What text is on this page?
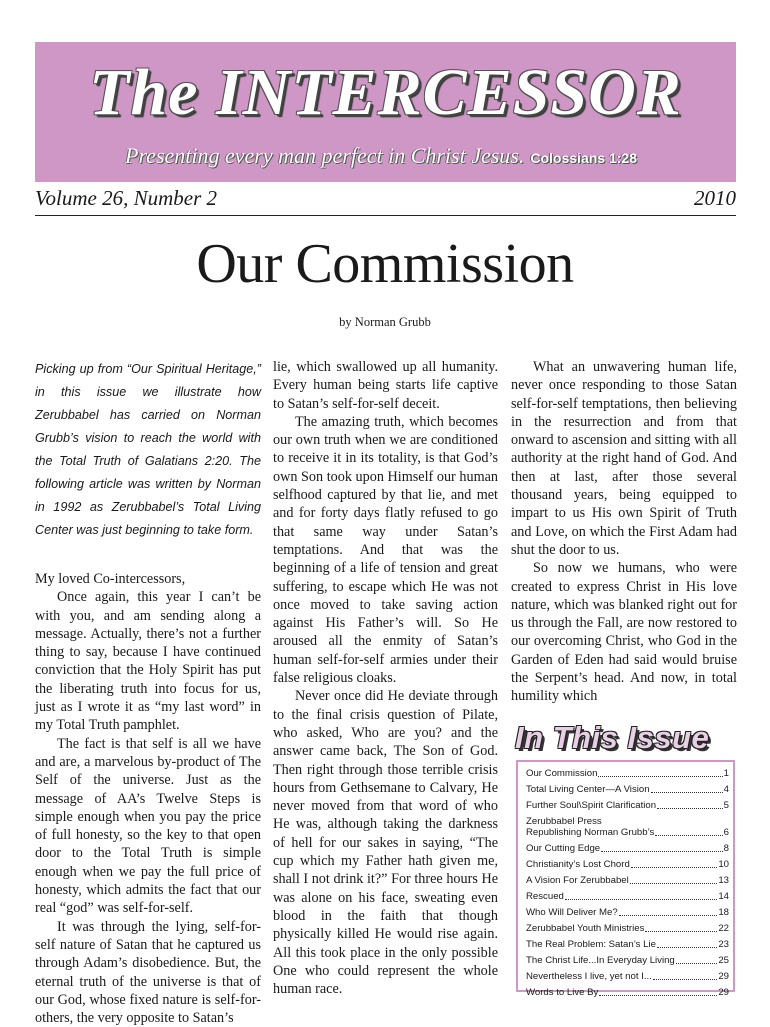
The INTERCESSOR
Presenting every man perfect in Christ Jesus. Colossians 1:28
Volume 26, Number 2	2010
Our Commission
by Norman Grubb

Picking up from “Our Spiritual Heritage,” in this issue we illustrate how Zerubbabel has carried on Norman Grubb’s vision to reach the world with the Total Truth of Galatians 2:20. The following article was written by Norman in 1992 as Zerubbabel’s Total Living Center was just beginning to take form.

My loved Co-intercessors,

Once again, this year I can’t be with you, and am sending along a message. Actually, there’s not a further thing to say, because I have continued conviction that the Holy Spirit has put the liberating truth into focus for us, just as I wrote it as “my last word” in my Total Truth pamphlet.

The fact is that self is all we have and are, a marvelous by-product of The Self of the universe. Just as the message of AA’s Twelve Steps is simple enough when you pay the price of full honesty, so the key to that open door to the Total Truth is simple enough when we pay the full price of honesty, which admits the fact that our real “god” was self-for-self.

It was through the lying, self-for-self nature of Satan that he captured us through Adam’s disobedience. But, the eternal truth of the universe is that of our God, whose fixed nature is self-for-others, the very opposite to Satan’s

lie, which swallowed up all humanity. Every human being starts life captive to Satan’s self-for-self deceit.

The amazing truth, which becomes our own truth when we are conditioned to receive it in its totality, is that God’s own Son took upon Himself our human selfhood captured by that lie, and met and for forty days flatly refused to go that same way under Satan’s temptations. And that was the beginning of a life of tension and great suffering, to escape which He was not once moved to take saving action against His Father’s will. So He aroused all the enmity of Satan’s human self-for-self armies under their false religious cloaks.

Never once did He deviate through to the final crisis question of Pilate, who asked, Who are you? and the answer came back, The Son of God. Then right through those terrible crisis hours from Gethsemane to Calvary, He never moved from that word of who He was, although taking the darkness of hell for our sakes in saying, “The cup which my Father hath given me, shall I not drink it?” For three hours He was alone on his face, sweating even blood in the faith that though physically killed He would rise again. All this took place in the only possible One who could represent the whole human race.

What an unwavering human life, never once responding to those Satan self-for-self temptations, then believing in the resurrection and from that onward to ascension and sitting with all authority at the right hand of God. And then at last, after those several thousand years, being equipped to impart to us His own Spirit of Truth and Love, on which the First Adam had shut the door to us.

So now we humans, who were created to express Christ in His love nature, which was blanked right out for us through the Fall, are now restored to our overcoming Christ, who God in the Garden of Eden had said would bruise the Serpent’s head. And now, in total humility which

In This Issue
Our Commission	1
Total Living Center—A Vision	4
Further Soul\Spirit Clarification	5
Zerubbabel Press
Republishing Norman Grubb’s	6
Our Cutting Edge	8
Christianity’s Lost Chord	10
A Vision For Zerubbabel	13
Rescued	14
Who Will Deliver Me?	18
Zerubbabel Youth Ministries	22
The Real Problem: Satan’s Lie	23
The Christ Life...In Everyday Living	25
Nevertheless I live, yet not I...	29
Words to Live By	29
